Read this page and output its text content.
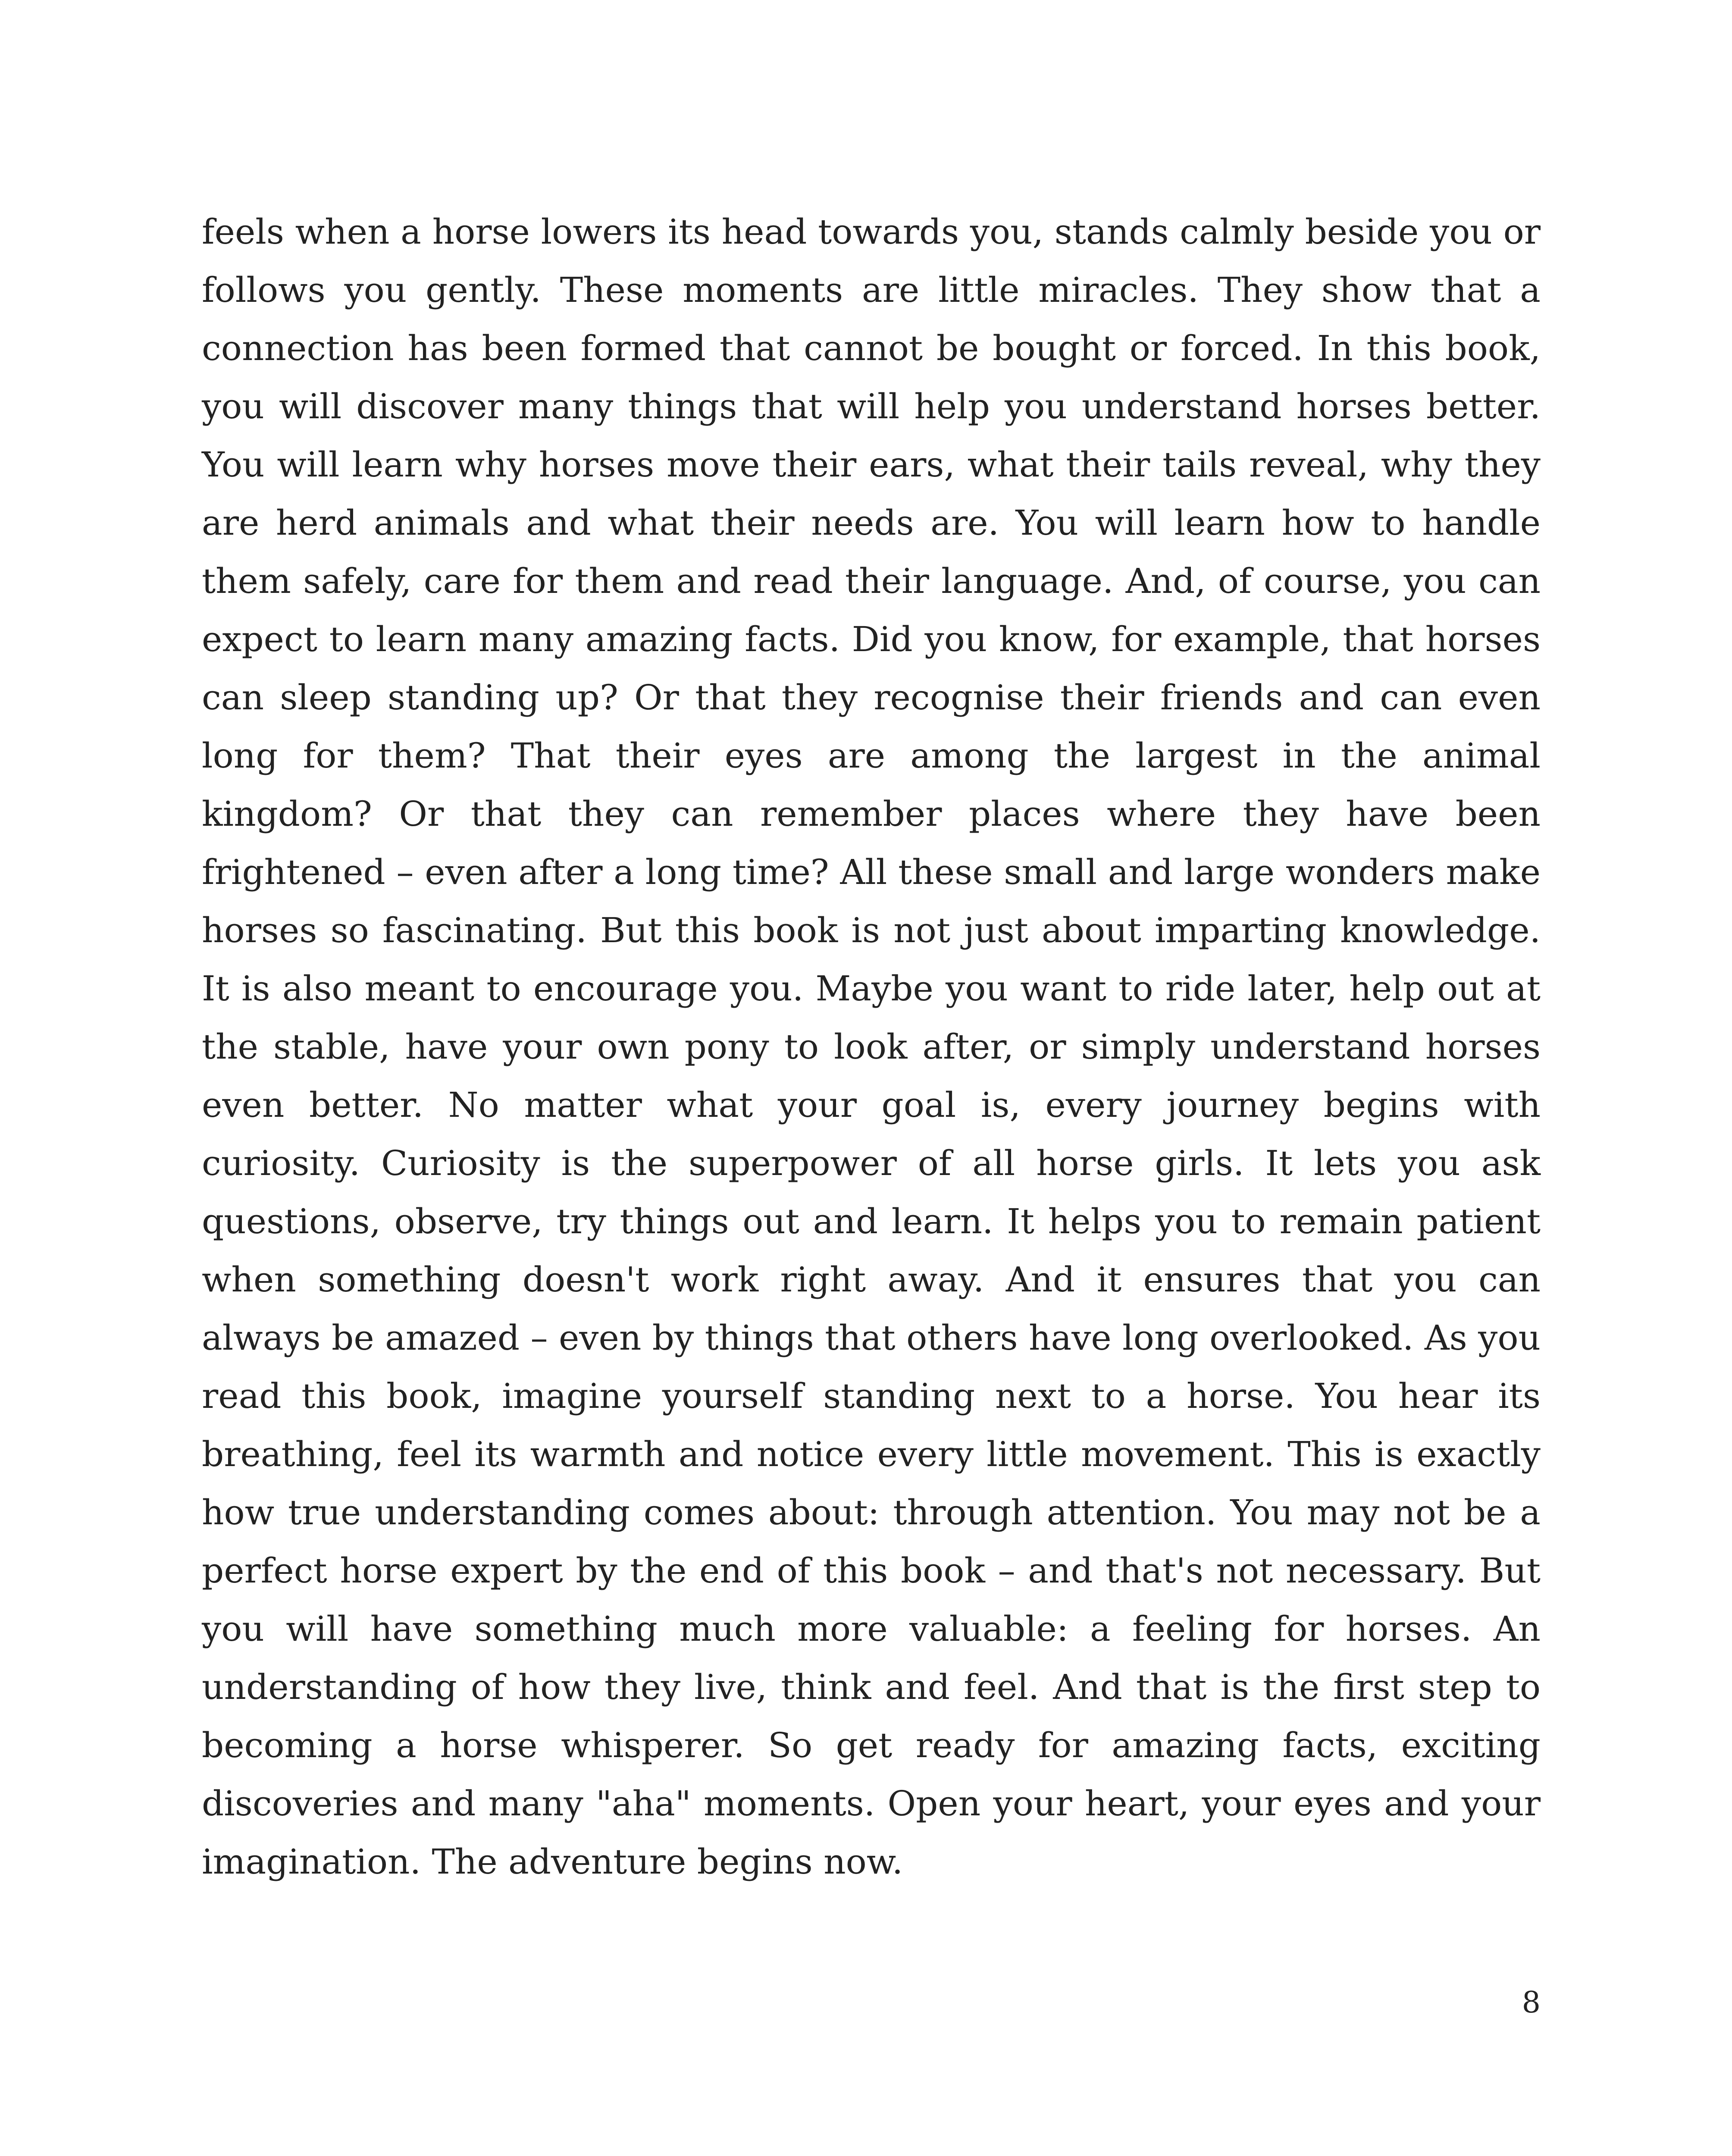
feels when a horse lowers its head towards you, stands calmly beside you or follows you gently. These moments are little miracles. They show that a connection has been formed that cannot be bought or forced. In this book, you will discover many things that will help you understand horses better. You will learn why horses move their ears, what their tails reveal, why they are herd animals and what their needs are. You will learn how to handle them safely, care for them and read their language. And, of course, you can expect to learn many amazing facts. Did you know, for example, that horses can sleep standing up? Or that they recognise their friends and can even long for them? That their eyes are among the largest in the animal kingdom? Or that they can remember places where they have been frightened – even after a long time? All these small and large wonders make horses so fascinating. But this book is not just about imparting knowledge. It is also meant to encourage you. Maybe you want to ride later, help out at the stable, have your own pony to look after, or simply understand horses even better. No matter what your goal is, every journey begins with curiosity. Curiosity is the superpower of all horse girls. It lets you ask questions, observe, try things out and learn. It helps you to remain patient when something doesn't work right away. And it ensures that you can always be amazed – even by things that others have long overlooked. As you read this book, imagine yourself standing next to a horse. You hear its breathing, feel its warmth and notice every little movement. This is exactly how true understanding comes about: through attention. You may not be a perfect horse expert by the end of this book – and that's not necessary. But you will have something much more valuable: a feeling for horses. An understanding of how they live, think and feel. And that is the first step to becoming a horse whisperer. So get ready for amazing facts, exciting discoveries and many "aha" moments. Open your heart, your eyes and your imagination. The adventure begins now.

8
